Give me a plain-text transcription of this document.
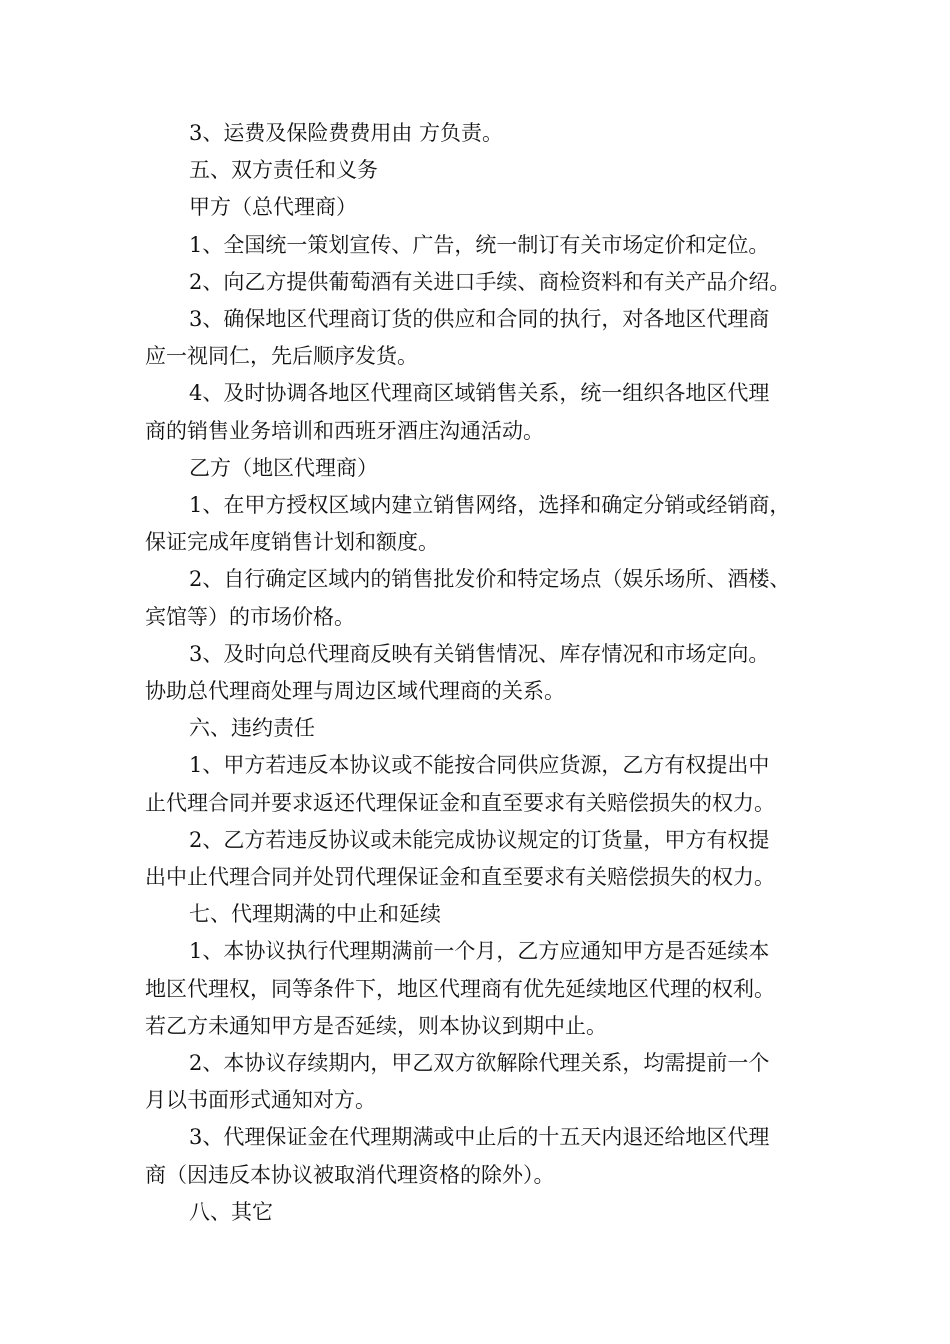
3、运费及保险费费用由 方负责。
五、双方责任和义务
甲方（总代理商）
1、全国统一策划宣传、广告，统一制订有关市场定价和定位。
2、向乙方提供葡萄酒有关进口手续、商检资料和有关产品介绍。
3、确保地区代理商订货的供应和合同的执行，对各地区代理商
应一视同仁，先后顺序发货。
4、及时协调各地区代理商区域销售关系，统一组织各地区代理
商的销售业务培训和西班牙酒庄沟通活动。
乙方（地区代理商）
1、在甲方授权区域内建立销售网络，选择和确定分销或经销商，
保证完成年度销售计划和额度。
2、自行确定区域内的销售批发价和特定场点（娱乐场所、酒楼、
宾馆等）的市场价格。
3、及时向总代理商反映有关销售情况、库存情况和市场定向。
协助总代理商处理与周边区域代理商的关系。
六、违约责任
1、甲方若违反本协议或不能按合同供应货源，乙方有权提出中
止代理合同并要求返还代理保证金和直至要求有关赔偿损失的权力。
2、乙方若违反协议或未能完成协议规定的订货量，甲方有权提
出中止代理合同并处罚代理保证金和直至要求有关赔偿损失的权力。
七、代理期满的中止和延续
1、本协议执行代理期满前一个月，乙方应通知甲方是否延续本
地区代理权，同等条件下，地区代理商有优先延续地区代理的权利。
若乙方未通知甲方是否延续，则本协议到期中止。
2、本协议存续期内，甲乙双方欲解除代理关系，均需提前一个
月以书面形式通知对方。
3、代理保证金在代理期满或中止后的十五天内退还给地区代理
商（因违反本协议被取消代理资格的除外）。
八、其它
